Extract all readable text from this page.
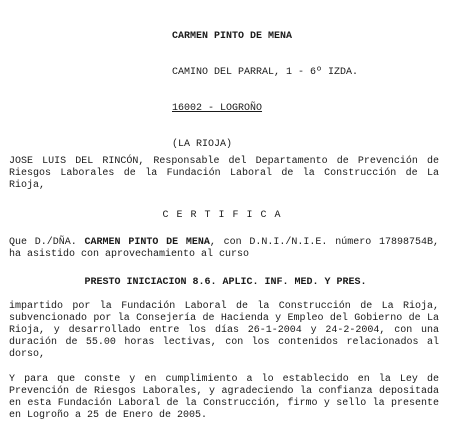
CARMEN PINTO DE MENA

CAMINO DEL PARRAL, 1 - 6º IZDA.

16002 - LOGROÑO

(LA RIOJA)

JOSE LUIS DEL RINCÓN, Responsable del Departamento de Prevención de Riesgos Laborales de la Fundación Laboral de la Construcción de La Rioja,
CERTIFICA
Que D./DÑA. CARMEN PINTO DE MENA, con D.N.I./N.I.E. número 17898754B, ha asistido con aprovechamiento al curso
PRESTO INICIACION 8.6. APLIC. INF. MED. Y PRES.
impartido por la Fundación Laboral de la Construcción de La Rioja, subvencionado por la Consejería de Hacienda y Empleo del Gobierno de La Rioja, y desarrollado entre los días 26-1-2004 y 24-2-2004, con una duración de 55.00 horas lectivas, con los contenidos relacionados al dorso,
Y para que conste y en cumplimiento a lo establecido en la Ley de Prevención de Riesgos Laborales, y agradeciendo la confianza depositada en esta Fundación Laboral de la Construcción, firmo y sello la presente en Logroño a 25 de Enero de 2005.
